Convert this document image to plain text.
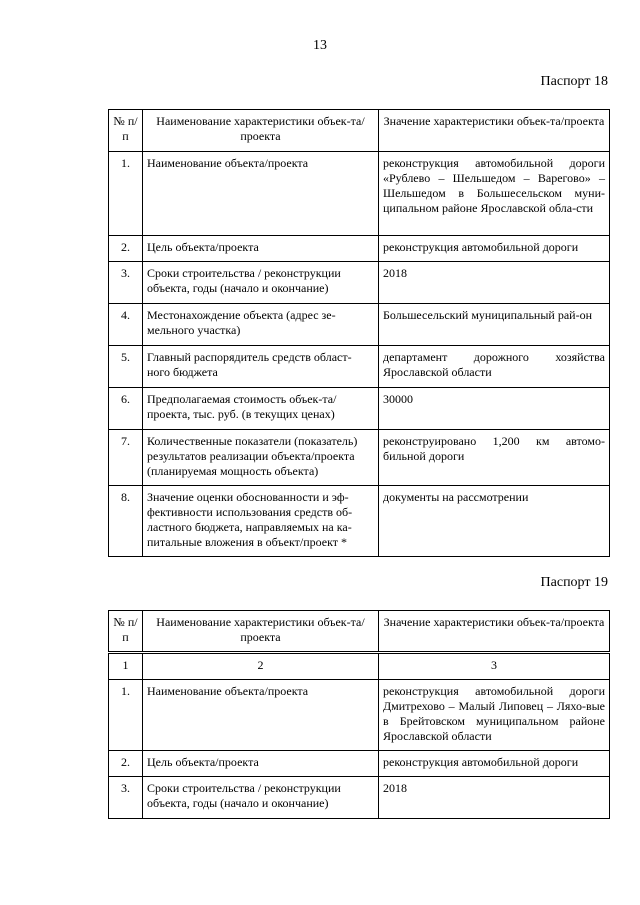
13
Паспорт 18
№ п/п	Наименование характеристики объек-та/проекта	Значение характеристики объек-та/проекта
1.	Наименование объекта/проекта	реконструкция автомобильной дороги «Рублево – Шельшедом – Варегово» – Шельшедом в Большесельском муни-ципальном районе Ярославской обла-сти
2.	Цель объекта/проекта	реконструкция автомобильной дороги
3.	Сроки строительства / реконструкции объекта, годы (начало и окончание)	2018
4.	Местонахождение объекта (адрес зе-мельного участка)	Большесельский муниципальный рай-он
5.	Главный распорядитель средств област-ного бюджета	департамент дорожного хозяйства Ярославской области
6.	Предполагаемая стоимость объек-та/проекта, тыс. руб. (в текущих ценах)	30000
7.	Количественные показатели (показатель) результатов реализации объекта/проекта (планируемая мощность объекта)	реконструировано 1,200 км автомо-бильной дороги
8.	Значение оценки обоснованности и эф-фективности использования средств об-ластного бюджета, направляемых на ка-питальные вложения в объект/проект *	документы на рассмотрении
Паспорт 19
№ п/п	Наименование характеристики объек-та/проекта	Значение характеристики объек-та/проекта
1	2	3
1.	Наименование объекта/проекта	реконструкция автомобильной дороги Дмитрехово – Малый Липовец – Ляхо-вые в Брейтовском муниципальном районе Ярославской области
2.	Цель объекта/проекта	реконструкция автомобильной дороги
3.	Сроки строительства / реконструкции объекта, годы (начало и окончание)	2018
